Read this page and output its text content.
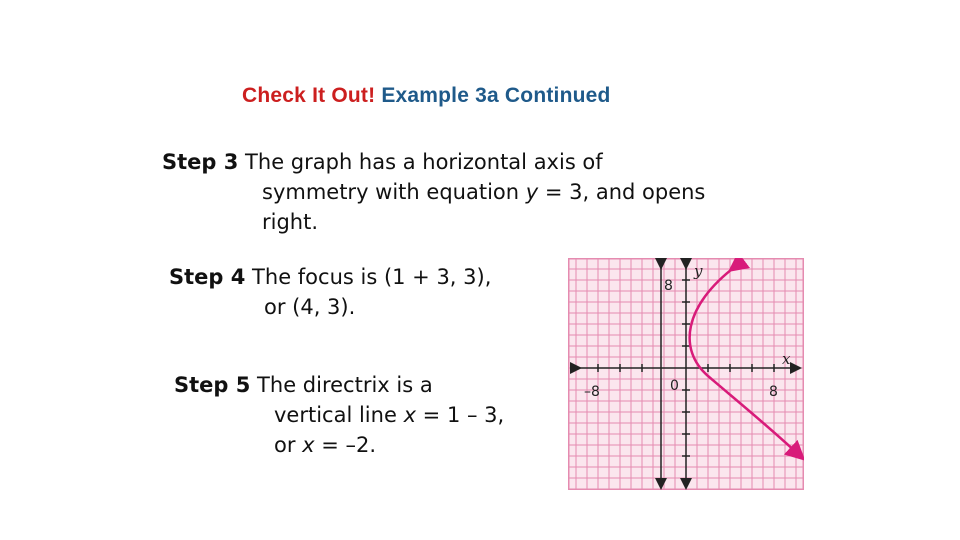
Check It Out! Example 3a Continued
Step 3 The graph has a horizontal axis of
symmetry with equation y = 3, and opens
right.
Step 4 The focus is (1 + 3, 3),
or (4, 3).
Step 5 The directrix is a
vertical line x = 1 – 3,
or x = –2.
y
x
8
–8	0	8
